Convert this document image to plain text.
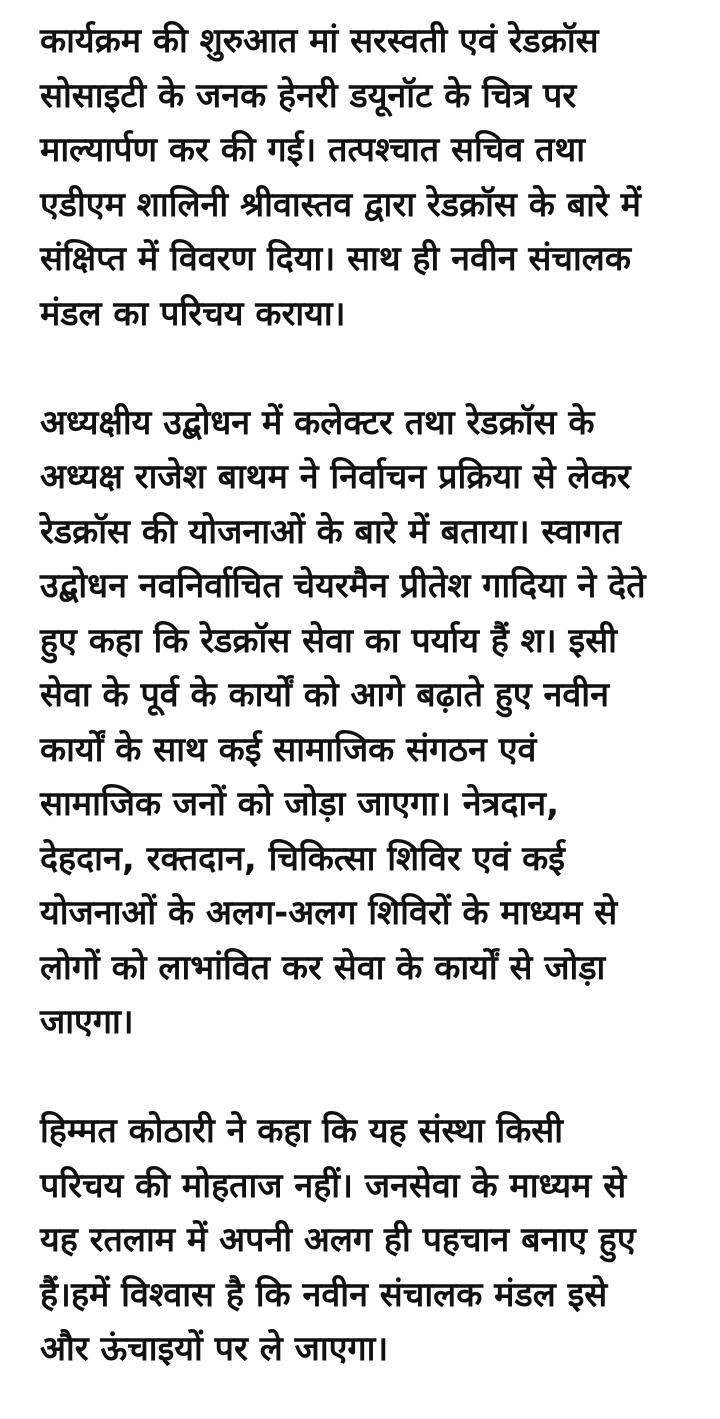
कार्यक्रम की शुरुआत मां सरस्वती एवं रेडक्रॉस
सोसाइटी के जनक हेनरी डयूनॉट के चित्र पर
माल्यार्पण कर की गई। तत्पश्चात सचिव तथा
एडीएम शालिनी श्रीवास्तव द्वारा रेडक्रॉस के बारे में
संक्षिप्त में विवरण दिया। साथ ही नवीन संचालक
मंडल का परिचय कराया।

अध्यक्षीय उद्बोधन में कलेक्टर तथा रेडक्रॉस के
अध्यक्ष राजेश बाथम ने निर्वाचन प्रक्रिया से लेकर
रेडक्रॉस की योजनाओं के बारे में बताया। स्वागत
उद्बोधन नवनिर्वाचित चेयरमैन प्रीतेश गादिया ने देते
हुए कहा कि रेडक्रॉस सेवा का पर्याय हैं श। इसी
सेवा के पूर्व के कार्यों को आगे बढ़ाते हुए नवीन
कार्यों के साथ कई सामाजिक संगठन एवं
सामाजिक जनों को जोड़ा जाएगा। नेत्रदान,
देहदान, रक्तदान, चिकित्सा शिविर एवं कई
योजनाओं के अलग-अलग शिविरों के माध्यम से
लोगों को लाभांवित कर सेवा के कार्यों से जोड़ा
जाएगा।

हिम्मत कोठारी ने कहा कि यह संस्था किसी
परिचय की मोहताज नहीं। जनसेवा के माध्यम से
यह रतलाम में अपनी अलग ही पहचान बनाए हुए
हैं।हमें विश्वास है कि नवीन संचालक मंडल इसे
और ऊंचाइयों पर ले जाएगा।
